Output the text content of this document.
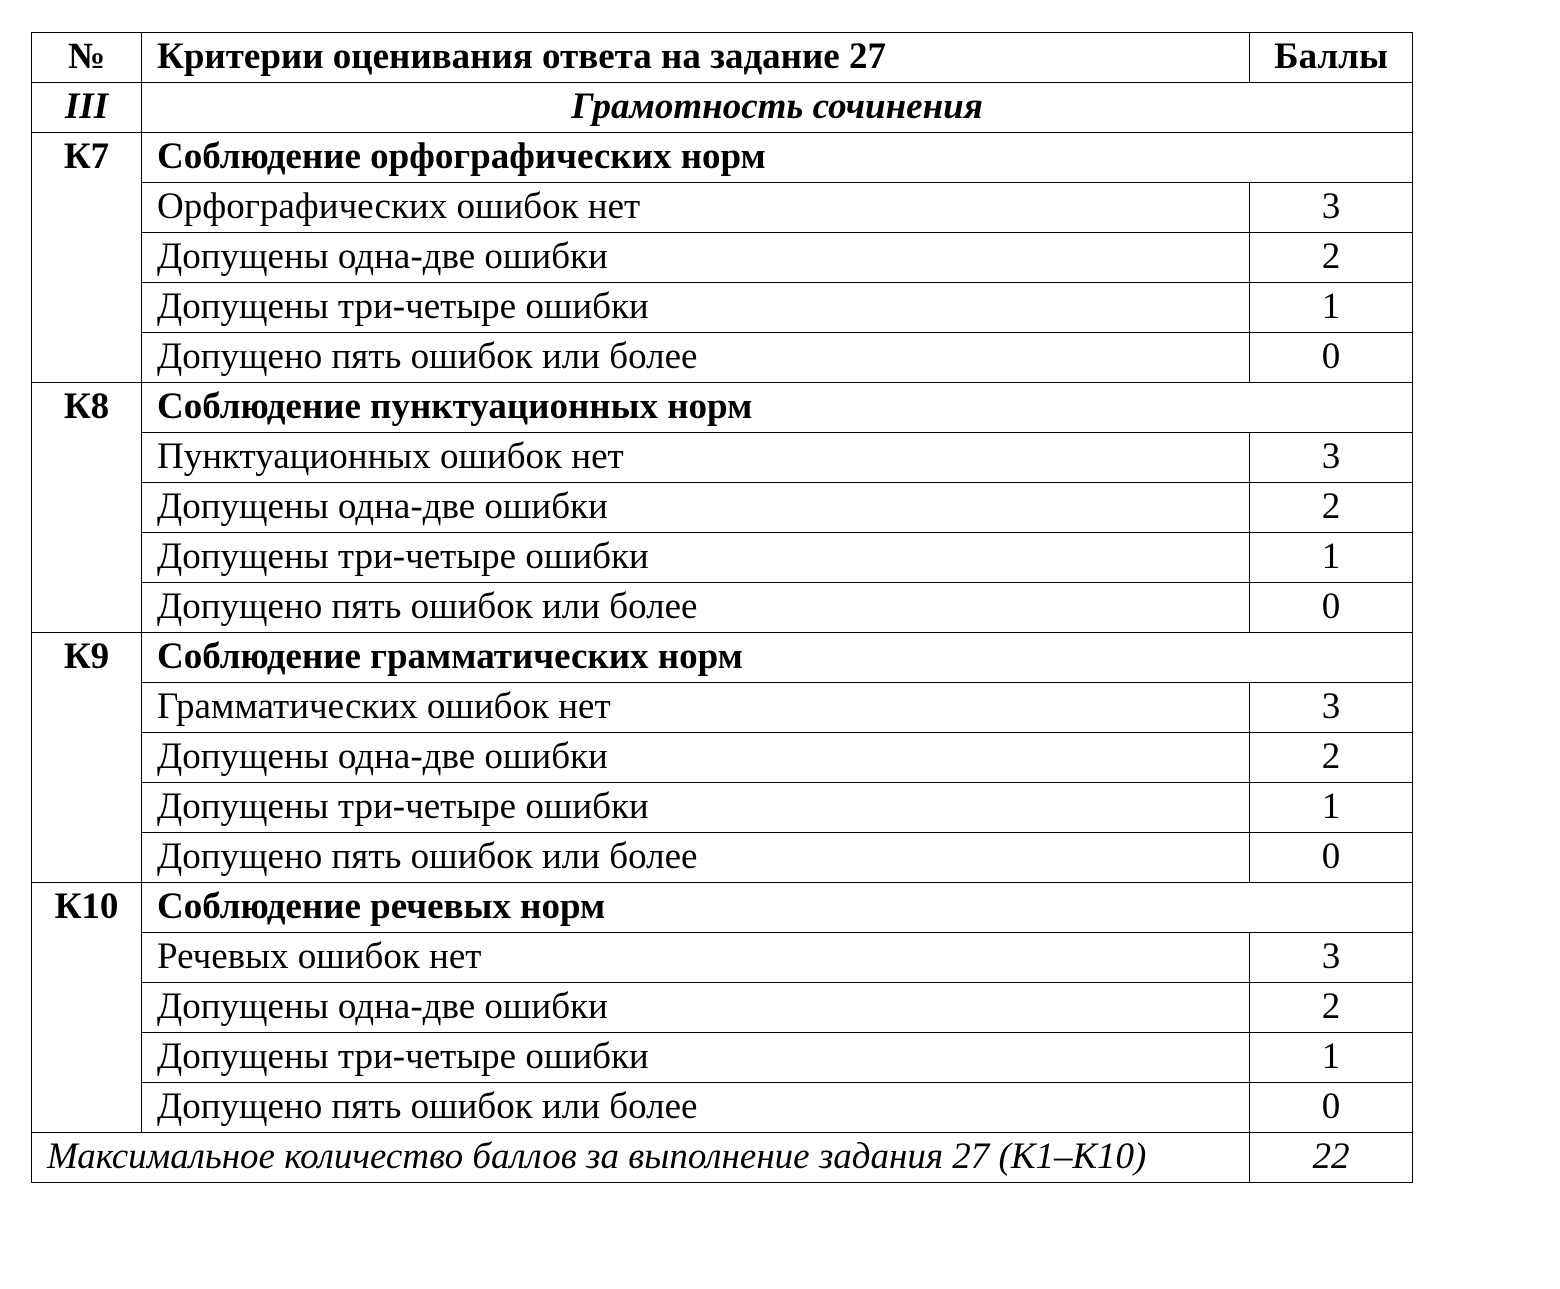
№	Критерии оценивания ответа на задание 27	Баллы
III	Грамотность сочинения	
К7	Соблюдение орфографических норм	
	Орфографических ошибок нет	3
	Допущены одна-две ошибки	2
	Допущены три-четыре ошибки	1
	Допущено пять ошибок или более	0
К8	Соблюдение пунктуационных норм	
	Пунктуационных ошибок нет	3
	Допущены одна-две ошибки	2
	Допущены три-четыре ошибки	1
	Допущено пять ошибок или более	0
К9	Соблюдение грамматических норм	
	Грамматических ошибок нет	3
	Допущены одна-две ошибки	2
	Допущены три-четыре ошибки	1
	Допущено пять ошибок или более	0
К10	Соблюдение речевых норм	
	Речевых ошибок нет	3
	Допущены одна-две ошибки	2
	Допущены три-четыре ошибки	1
	Допущено пять ошибок или более	0
Максимальное количество баллов за выполнение задания 27 (К1–К10)		22
